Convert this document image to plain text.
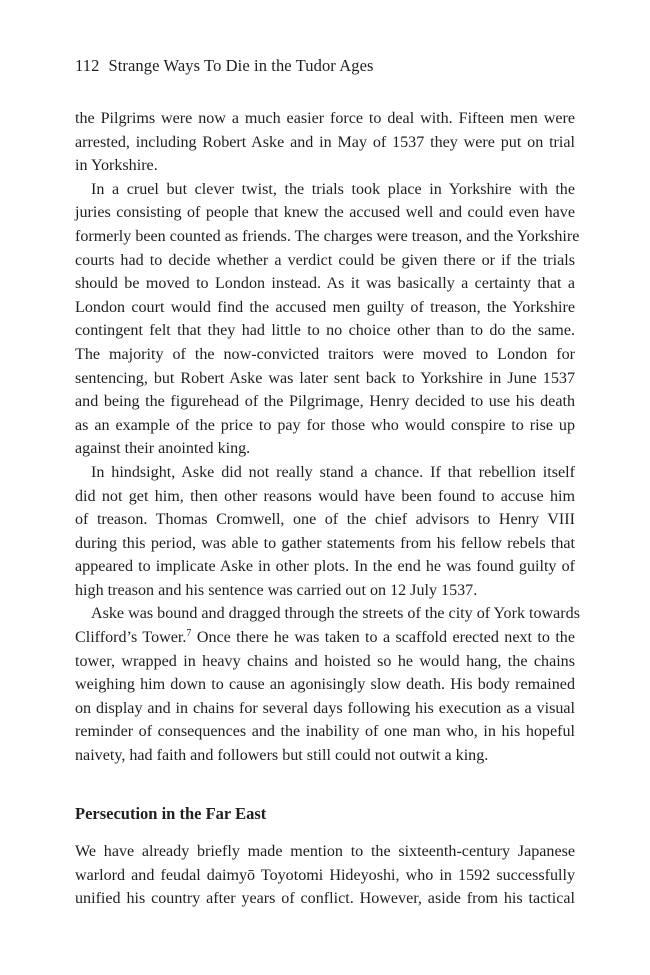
112 Strange Ways To Die in the Tudor Ages

the Pilgrims were now a much easier force to deal with. Fifteen men were
arrested, including Robert Aske and in May of 1537 they were put on trial
in Yorkshire.

In a cruel but clever twist, the trials took place in Yorkshire with the
juries consisting of people that knew the accused well and could even have
formerly been counted as friends. The charges were treason, and the Yorkshire
courts had to decide whether a verdict could be given there or if the trials
should be moved to London instead. As it was basically a certainty that a
London court would find the accused men guilty of treason, the Yorkshire
contingent felt that they had little to no choice other than to do the same.
The majority of the now-convicted traitors were moved to London for
sentencing, but Robert Aske was later sent back to Yorkshire in June 1537
and being the figurehead of the Pilgrimage, Henry decided to use his death
as an example of the price to pay for those who would conspire to rise up
against their anointed king.

In hindsight, Aske did not really stand a chance. If that rebellion itself
did not get him, then other reasons would have been found to accuse him
of treason. Thomas Cromwell, one of the chief advisors to Henry VIII
during this period, was able to gather statements from his fellow rebels that
appeared to implicate Aske in other plots. In the end he was found guilty of
high treason and his sentence was carried out on 12 July 1537.

Aske was bound and dragged through the streets of the city of York towards
Clifford’s Tower.$^7$ Once there he was taken to a scaffold erected next to the
tower, wrapped in heavy chains and hoisted so he would hang, the chains
weighing him down to cause an agonisingly slow death. His body remained
on display and in chains for several days following his execution as a visual
reminder of consequences and the inability of one man who, in his hopeful
naivety, had faith and followers but still could not outwit a king.

Persecution in the Far East
We have already briefly made mention to the sixteenth-century Japanese
warlord and feudal daimyō Toyotomi Hideyoshi, who in 1592 successfully
unified his country after years of conflict. However, aside from his tactical
